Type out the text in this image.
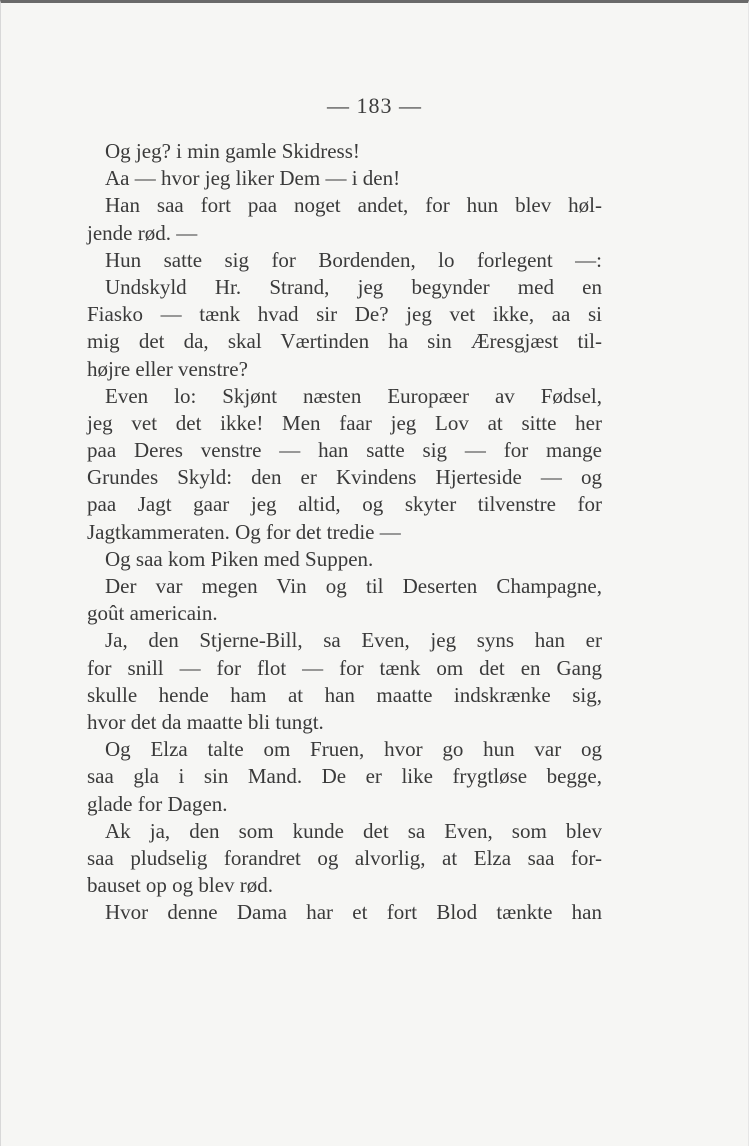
— 183 —
Og jeg? i min gamle Skidress!
Aa — hvor jeg liker Dem — i den!
Han saa fort paa noget andet, for hun blev høl-
jende rød. —
Hun satte sig for Bordenden, lo forlegent —:
Undskyld Hr. Strand, jeg begynder med en
Fiasko — tænk hvad sir De? jeg vet ikke, aa si
mig det da, skal Værtinden ha sin Æresgjæst til-
højre eller venstre?
Even lo: Skjønt næsten Europæer av Fødsel,
jeg vet det ikke! Men faar jeg Lov at sitte her
paa Deres venstre — han satte sig — for mange
Grundes Skyld: den er Kvindens Hjerteside — og
paa Jagt gaar jeg altid, og skyter tilvenstre for
Jagtkammeraten. Og for det tredie —
Og saa kom Piken med Suppen.
Der var megen Vin og til Deserten Champagne,
goût americain.
Ja, den Stjerne-Bill, sa Even, jeg syns han er
for snill — for flot — for tænk om det en Gang
skulle hende ham at han maatte indskrænke sig,
hvor det da maatte bli tungt.
Og Elza talte om Fruen, hvor go hun var og
saa gla i sin Mand. De er like frygtløse begge,
glade for Dagen.
Ak ja, den som kunde det sa Even, som blev
saa pludselig forandret og alvorlig, at Elza saa for-
bauset op og blev rød.
Hvor denne Dama har et fort Blod tænkte han
